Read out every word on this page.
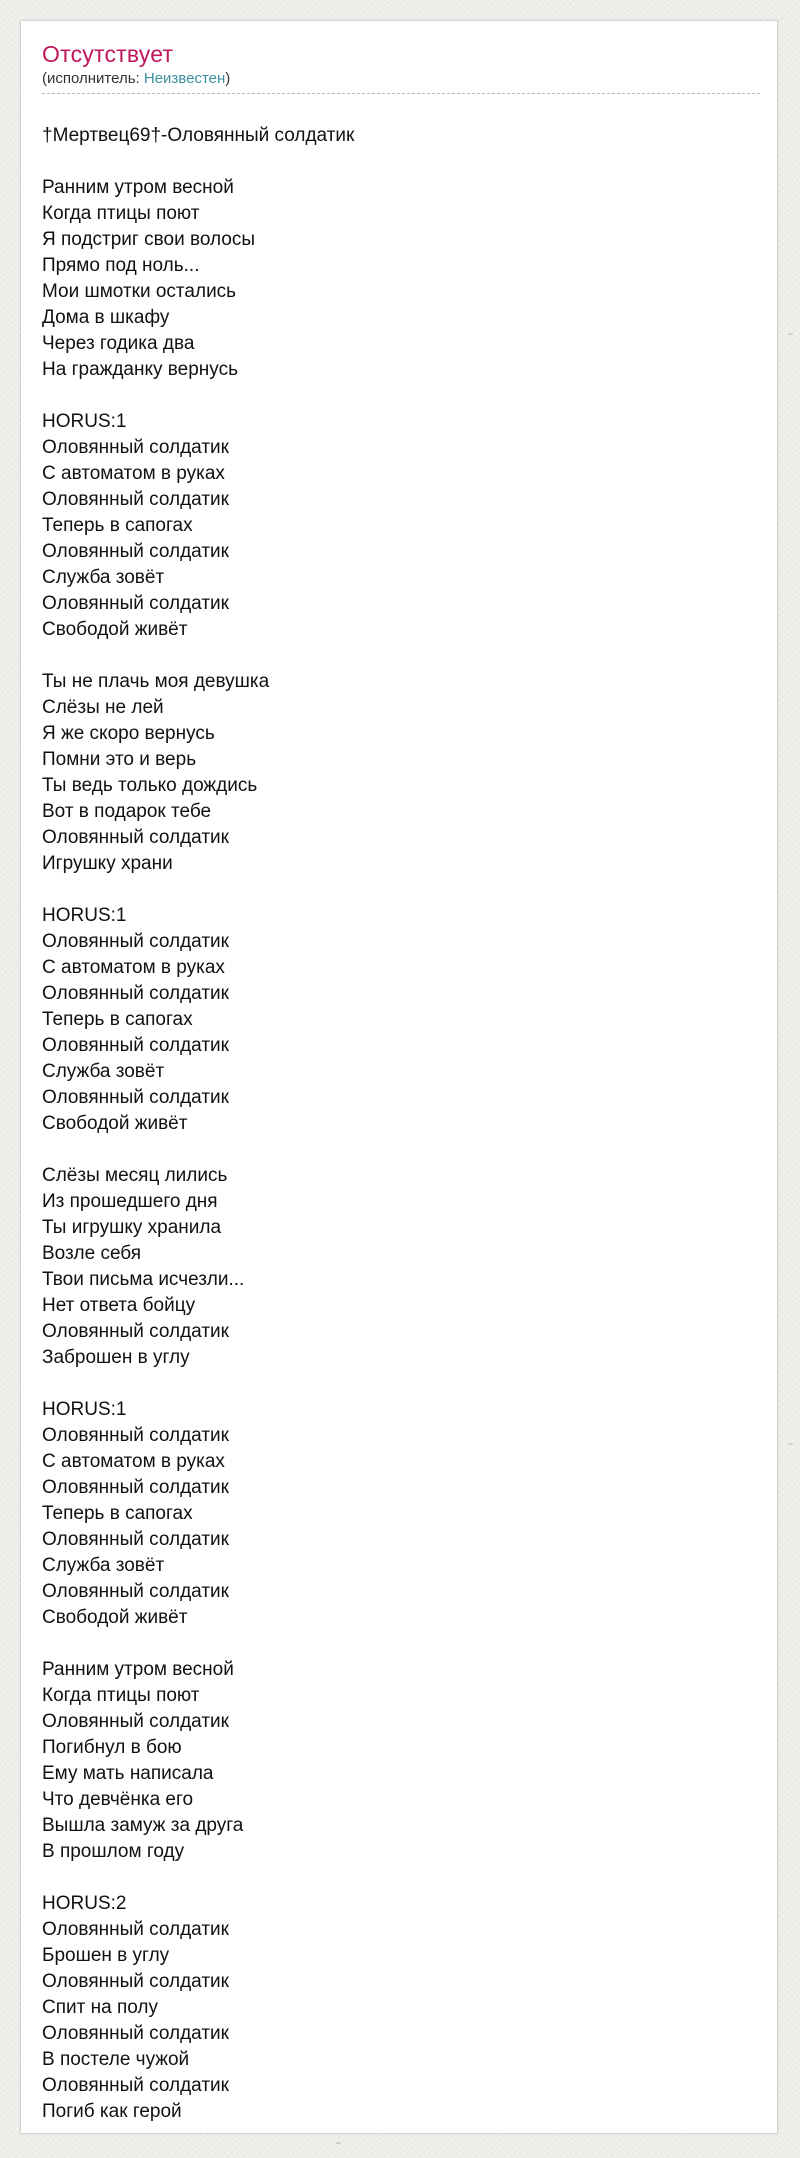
Отсутствует
(исполнитель: Неизвестен)
†Мертвец69†-Оловянный солдатик
Ранним утром весной
Когда птицы поют
Я подстриг свои волосы
Прямо под ноль...
Мои шмотки остались
Дома в шкафу
Через годика два
На гражданку вернусь
HORUS:1
Оловянный солдатик
С автоматом в руках
Оловянный солдатик
Теперь в сапогах
Оловянный солдатик
Служба зовёт
Оловянный солдатик
Свободой живёт
Ты не плачь моя девушка
Слёзы не лей
Я же скоро вернусь
Помни это и верь
Ты ведь только дождись
Вот в подарок тебе
Оловянный солдатик
Игрушку храни
HORUS:1
Оловянный солдатик
С автоматом в руках
Оловянный солдатик
Теперь в сапогах
Оловянный солдатик
Служба зовёт
Оловянный солдатик
Свободой живёт
Слёзы месяц лились
Из прошедшего дня
Ты игрушку хранила
Возле себя
Твои письма исчезли...
Нет ответа бойцу
Оловянный солдатик
Заброшен в углу
HORUS:1
Оловянный солдатик
С автоматом в руках
Оловянный солдатик
Теперь в сапогах
Оловянный солдатик
Служба зовёт
Оловянный солдатик
Свободой живёт
Ранним утром весной
Когда птицы поют
Оловянный солдатик
Погибнул в бою
Ему мать написала
Что девчёнка его
Вышла замуж за друга
В прошлом году
HORUS:2
Оловянный солдатик
Брошен в углу
Оловянный солдатик
Спит на полу
Оловянный солдатик
В постеле чужой
Оловянный солдатик
Погиб как герой
